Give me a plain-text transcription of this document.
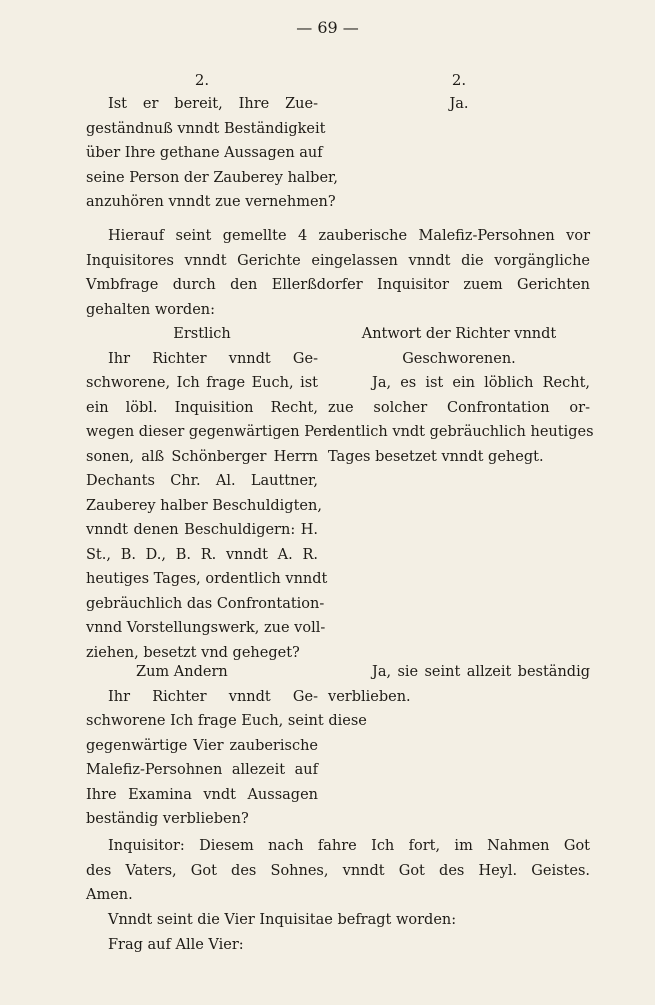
— 69 —
2.
Ist er bereit, Ihre Zue-
geständnuß vnndt Beständigkeit
über Ihre gethane Aussagen auf
seine Person der Zauberey halber,
anzuhören vnndt zue vernehmen?
2.
Ja.
Hierauf seint gemellte 4 zauberische Malefiz-Persohnen vor
Inquisitores vnndt Gerichte eingelassen vnndt die vorgängliche
Vmbfrage durch den Ellerßdorfer Inquisitor zuem Gerichten
gehalten worden:
Erstlich
Ihr Richter vnndt Ge-
schworene, Ich frage Euch, ist
ein löbl. Inquisition Recht,
wegen dieser gegenwärtigen Per-
sonen, alß Schönberger Herrn
Dechants Chr. Al. Lauttner,
Zauberey halber Beschuldigten,
vnndt denen Beschuldigern: H.
St., B. D., B. R. vnndt A. R.
heutiges Tages, ordentlich vnndt
gebräuchlich das Confrontation-
vnnd Vorstellungswerk, zue voll-
ziehen, besetzt vnd geheget?
Antwort der Richter vnndt
Geschworenen.
Ja, es ist ein löblich Recht,
zue solcher Confrontation or-
dentlich vndt gebräuchlich heutiges
Tages besetzet vnndt gehegt.
Zum Andern
Ihr Richter vnndt Ge-
schworene Ich frage Euch, seint diese
gegenwärtige Vier zauberische
Malefiz-Persohnen allezeit auf
Ihre Examina vndt Aussagen
beständig verblieben?
Ja, sie seint allzeit beständig
verblieben.
Inquisitor: Diesem nach fahre Ich fort, im Nahmen Got
des Vaters, Got des Sohnes, vnndt Got des Heyl. Geistes.
Amen.
Vnndt seint die Vier Inquisitae befragt worden:
Frag auf Alle Vier:
